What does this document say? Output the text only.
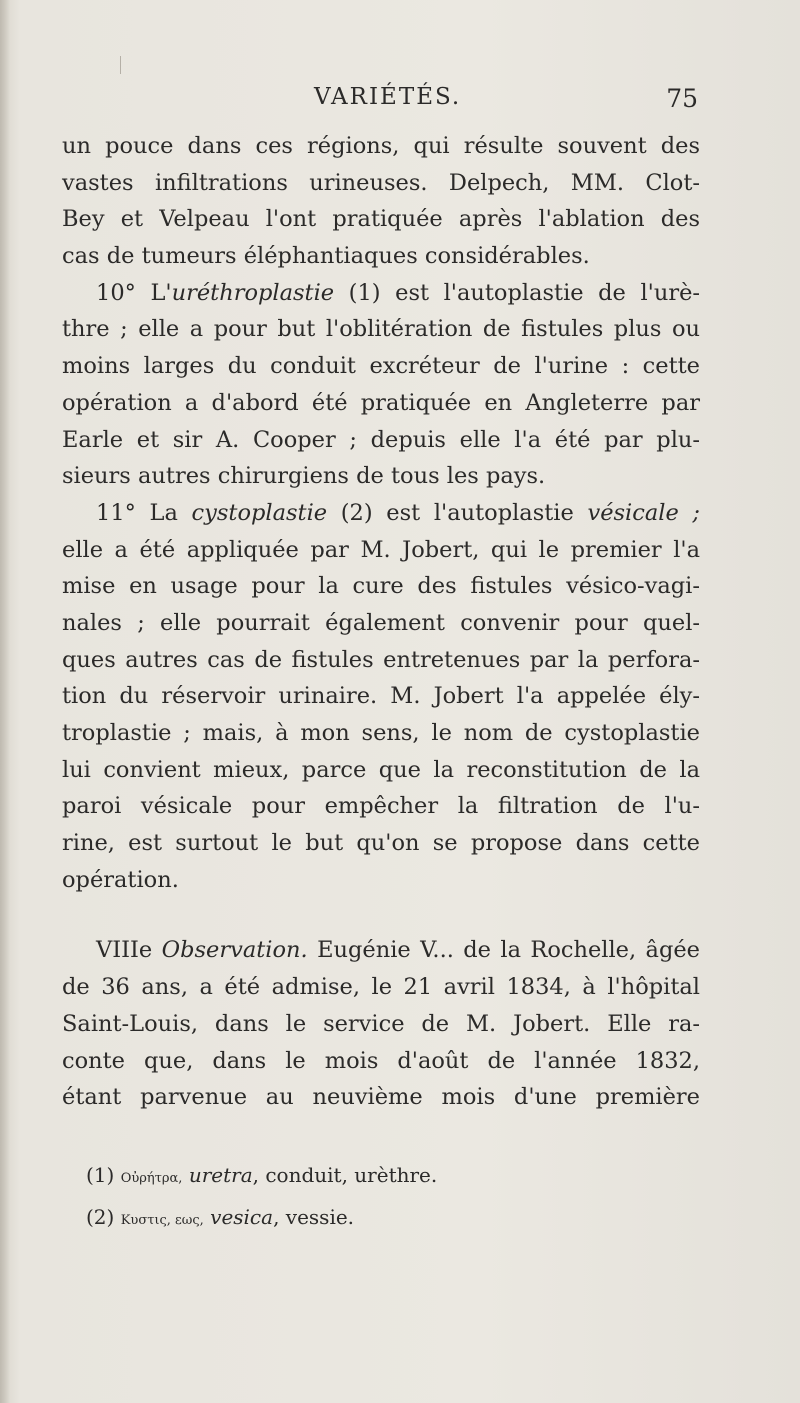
VARIÉTÉS.	75
un pouce dans ces régions, qui résulte souvent des
vastes infiltrations urineuses. Delpech, MM. Clot-
Bey et Velpeau l'ont pratiquée après l'ablation des
cas de tumeurs éléphantiaques considérables.
10° L'uréthroplastie (1) est l'autoplastie de l'urè-
thre ; elle a pour but l'oblitération de fistules plus ou
moins larges du conduit excréteur de l'urine : cette
opération a d'abord été pratiquée en Angleterre par
Earle et sir A. Cooper ; depuis elle l'a été par plu-
sieurs autres chirurgiens de tous les pays.
11° La cystoplastie (2) est l'autoplastie vésicale ;
elle a été appliquée par M. Jobert, qui le premier l'a
mise en usage pour la cure des fistules vésico-vagi-
nales ; elle pourrait également convenir pour quel-
ques autres cas de fistules entretenues par la perfora-
tion du réservoir urinaire. M. Jobert l'a appelée ély-
troplastie ; mais, à mon sens, le nom de cystoplastie
lui convient mieux, parce que la reconstitution de la
paroi vésicale pour empêcher la filtration de l'u-
rine, est surtout le but qu'on se propose dans cette
opération.
VIIIe Observation. Eugénie V... de la Rochelle, âgée
de 36 ans, a été admise, le 21 avril 1834, à l'hôpital
Saint-Louis, dans le service de M. Jobert. Elle ra-
conte que, dans le mois d'août de l'année 1832,
étant parvenue au neuvième mois d'une première
(1) Οὐρήτρα, uretra, conduit, urèthre.
(2) Κυστις, εως, vesica, vessie.
